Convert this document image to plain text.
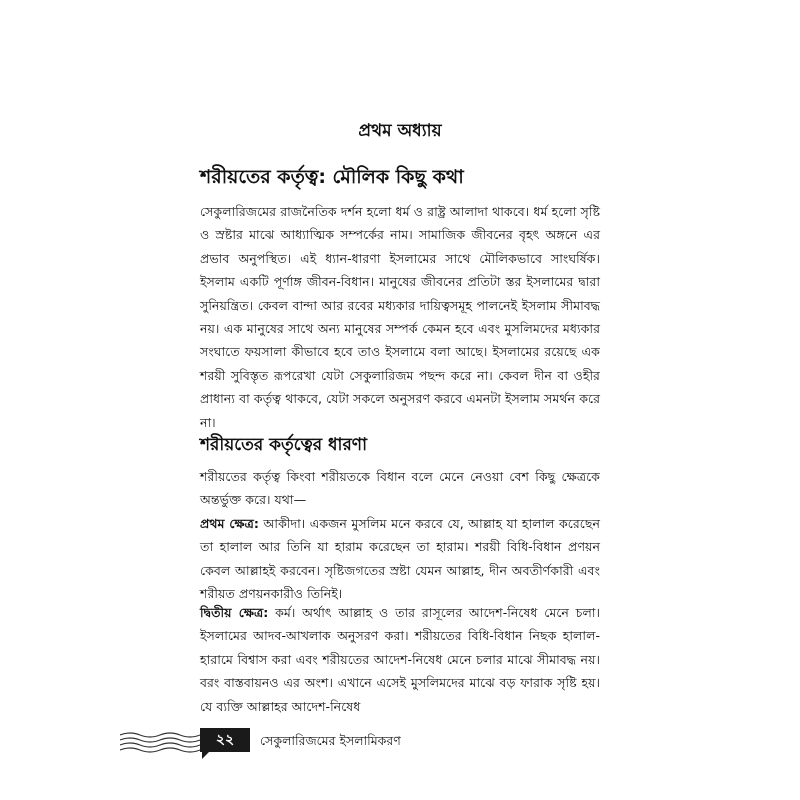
প্রথম অধ্যায়
শরীয়তের কর্তৃত্ব: মৌলিক কিছু কথা

সেকুলারিজমের রাজনৈতিক দর্শন হলো ধর্ম ও রাষ্ট্র আলাদা থাকবে। ধর্ম হলো সৃষ্টি ও স্রষ্টার মাঝে আধ্যাত্মিক সম্পর্কের নাম। সামাজিক জীবনের বৃহৎ অঙ্গনে এর প্রভাব অনুপস্থিত। এই ধ্যান-ধারণা ইসলামের সাথে মৌলিকভাবে সাংঘর্ষিক। ইসলাম একটি পূর্ণাঙ্গ জীবন-বিধান। মানুষের জীবনের প্রতিটা স্তর ইসলামের দ্বারা সুনিয়ন্ত্রিত। কেবল বান্দা আর রবের মধ্যকার দায়িত্বসমূহ পালনেই ইসলাম সীমাবদ্ধ নয়। এক মানুষের সাথে অন্য মানুষের সম্পর্ক কেমন হবে এবং মুসলিমদের মধ্যকার সংঘাতে ফয়সালা কীভাবে হবে তাও ইসলামে বলা আছে। ইসলামের রয়েছে এক শরয়ী সুবিস্তৃত রূপরেখা যেটা সেকুলারিজম পছন্দ করে না। কেবল দীন বা ওহীর প্রাধান্য বা কর্তৃত্ব থাকবে, যেটা সকলে অনুসরণ করবে এমনটা ইসলাম সমর্থন করে না।

শরীয়তের কর্তৃত্বের ধারণা

শরীয়তের কর্তৃত্ব কিংবা শরীয়তকে বিধান বলে মেনে নেওয়া বেশ কিছু ক্ষেত্রকে অন্তর্ভুক্ত করে। যথা—

প্রথম ক্ষেত্র: আকীদা। একজন মুসলিম মনে করবে যে, আল্লাহ যা হালাল করেছেন তা হালাল আর তিনি যা হারাম করেছেন তা হারাম। শরয়ী বিধি-বিধান প্রণয়ন কেবল আল্লাহই করবেন। সৃষ্টিজগতের স্রষ্টা যেমন আল্লাহ, দীন অবতীর্ণকারী এবং শরীয়ত প্রণয়নকারীও তিনিই।

দ্বিতীয় ক্ষেত্র: কর্ম। অর্থাৎ আল্লাহ ও তার রাসূলের আদেশ-নিষেধ মেনে চলা। ইসলামের আদব-আখলাক অনুসরণ করা। শরীয়তের বিধি-বিধান নিছক হালাল-হারামে বিশ্বাস করা এবং শরীয়তের আদেশ-নিষেধ মেনে চলার মাঝে সীমাবদ্ধ নয়। বরং বাস্তবায়নও এর অংশ। এখানে এসেই মুসলিমদের মাঝে বড় ফারাক সৃষ্টি হয়। যে ব্যক্তি আল্লাহর আদেশ-নিষেধ

২২ সেকুলারিজমের ইসলামিকরণ
